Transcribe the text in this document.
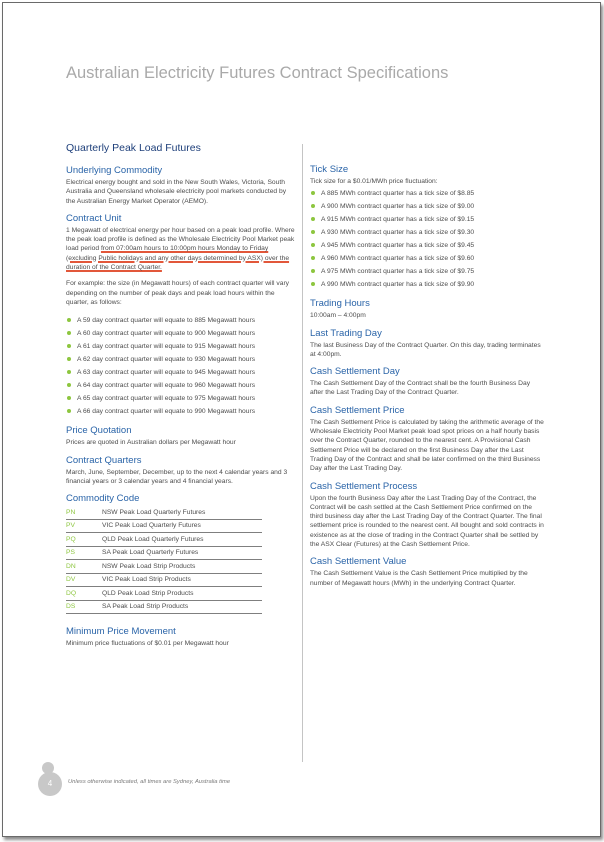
Australian Electricity Futures Contract Specifications
Quarterly Peak Load Futures
Underlying Commodity

Electrical energy bought and sold in the New South Wales, Victoria, South Australia and Queensland wholesale electricity pool markets conducted by the Australian Energy Market Operator (AEMO).

Contract Unit

1 Megawatt of electrical energy per hour based on a peak load profile. Where the peak load profile is defined as the Wholesale Electricity Pool Market peak load period from 07:00am hours to 10:00pm hours Monday to Friday (excluding Public holidays and any other days determined by ASX) over the duration of the Contract Quarter.

For example: the size (in Megawatt hours) of each contract quarter will vary depending on the number of peak days and peak load hours within the quarter, as follows:

A 59 day contract quarter will equate to 885 Megawatt hours
A 60 day contract quarter will equate to 900 Megawatt hours
A 61 day contract quarter will equate to 915 Megawatt hours
A 62 day contract quarter will equate to 930 Megawatt hours
A 63 day contract quarter will equate to 945 Megawatt hours
A 64 day contract quarter will equate to 960 Megawatt hours
A 65 day contract quarter will equate to 975 Megawatt hours
A 66 day contract quarter will equate to 990 Megawatt hours
Price Quotation

Prices are quoted in Australian dollars per Megawatt hour

Contract Quarters

March, June, September, December, up to the next 4 calendar years and 3 financial years or 3 calendar years and 4 financial years.

Commodity Code
PN	NSW Peak Load Quarterly Futures
PV	VIC Peak Load Quarterly Futures
PQ	QLD Peak Load Quarterly Futures
PS	SA Peak Load Quarterly Futures
DN	NSW Peak Load Strip Products
DV	VIC Peak Load Strip Products
DQ	QLD Peak Load Strip Products
DS	SA Peak Load Strip Products
Minimum Price Movement

Minimum price fluctuations of $0.01 per Megawatt hour

Tick Size

Tick size for a $0.01/MWh price fluctuation:

A 885 MWh contract quarter has a tick size of $8.85
A 900 MWh contract quarter has a tick size of $9.00
A 915 MWh contract quarter has a tick size of $9.15
A 930 MWh contract quarter has a tick size of $9.30
A 945 MWh contract quarter has a tick size of $9.45
A 960 MWh contract quarter has a tick size of $9.60
A 975 MWh contract quarter has a tick size of $9.75
A 990 MWh contract quarter has a tick size of $9.90
Trading Hours

10:00am – 4:00pm

Last Trading Day

The last Business Day of the Contract Quarter. On this day, trading terminates at 4:00pm.

Cash Settlement Day

The Cash Settlement Day of the Contract shall be the fourth Business Day after the Last Trading Day of the Contract Quarter.

Cash Settlement Price

The Cash Settlement Price is calculated by taking the arithmetic average of the Wholesale Electricity Pool Market peak load spot prices on a half hourly basis over the Contract Quarter, rounded to the nearest cent. A Provisional Cash Settlement Price will be declared on the first Business Day after the Last Trading Day of the Contract and shall be later confirmed on the third Business Day after the Last Trading Day.

Cash Settlement Process

Upon the fourth Business Day after the Last Trading Day of the Contract, the Contract will be cash settled at the Cash Settlement Price confirmed on the third business day after the Last Trading Day of the Contract Quarter. The final settlement price is rounded to the nearest cent. All bought and sold contracts in existence as at the close of trading in the Contract Quarter shall be settled by the ASX Clear (Futures) at the Cash Settlement Price.

Cash Settlement Value

The Cash Settlement Value is the Cash Settlement Price multiplied by the number of Megawatt hours (MWh) in the underlying Contract Quarter.

4	Unless otherwise indicated, all times are Sydney, Australia time
